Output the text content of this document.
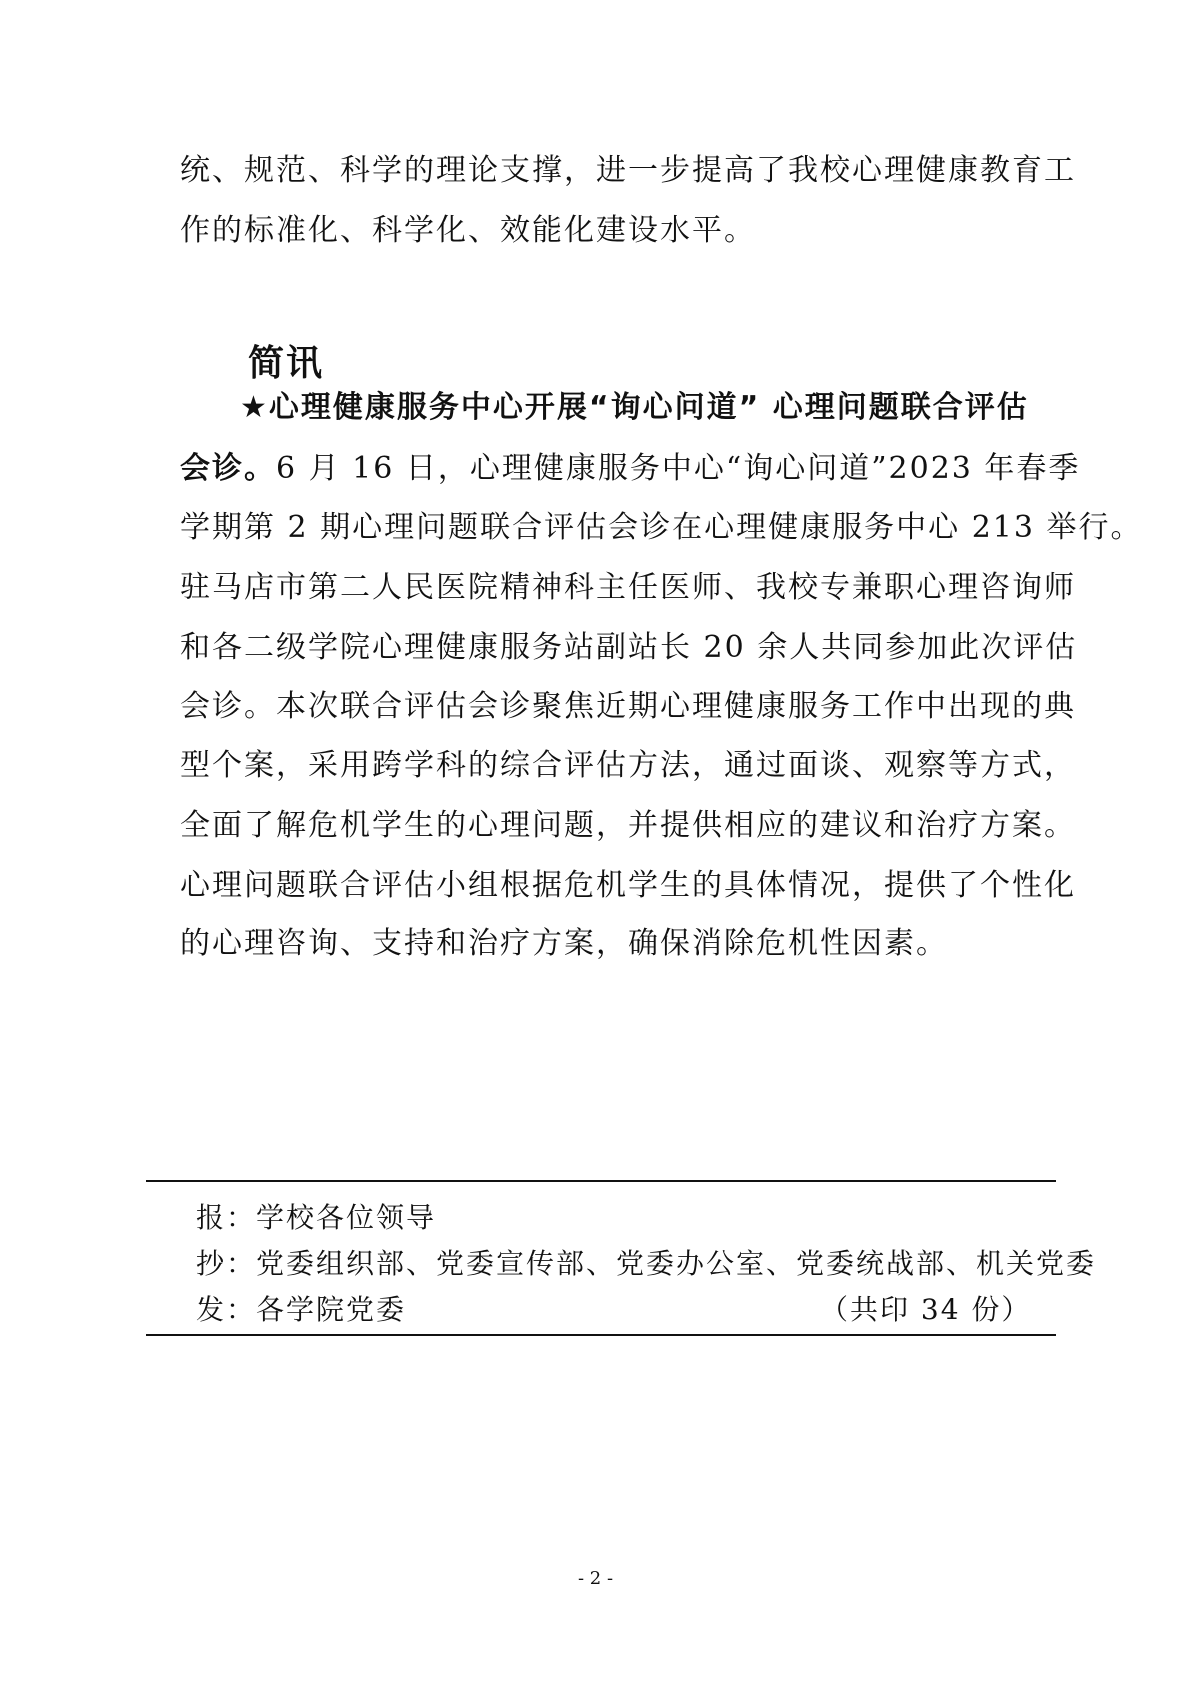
统、规范、科学的理论支撑，进一步提高了我校心理健康教育工
作的标准化、科学化、效能化建设水平。
简讯
★心理健康服务中心开展“询心问道” 心理问题联合评估
会诊。6 月 16 日，心理健康服务中心“询心问道”2023 年春季
学期第 2 期心理问题联合评估会诊在心理健康服务中心 213 举行。
驻马店市第二人民医院精神科主任医师、我校专兼职心理咨询师
和各二级学院心理健康服务站副站长 20 余人共同参加此次评估
会诊。本次联合评估会诊聚焦近期心理健康服务工作中出现的典
型个案，采用跨学科的综合评估方法，通过面谈、观察等方式，
全面了解危机学生的心理问题，并提供相应的建议和治疗方案。
心理问题联合评估小组根据危机学生的具体情况，提供了个性化
的心理咨询、支持和治疗方案，确保消除危机性因素。
报：学校各位领导
抄：党委组织部、党委宣传部、党委办公室、党委统战部、机关党委
发：各学院党委	（共印 34 份）
- 2 -
